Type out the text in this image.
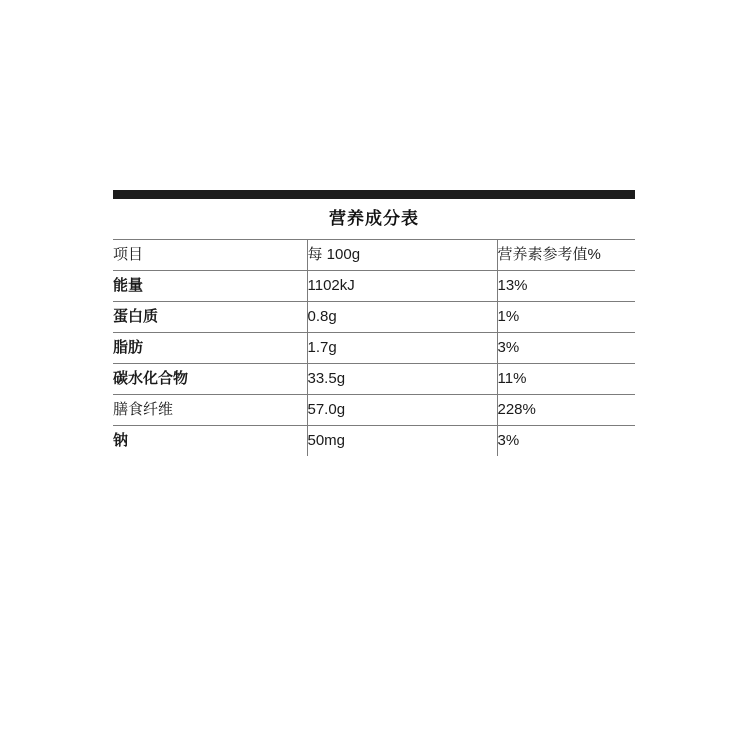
营养成分表		
项目	每 100g	营养素参考值%
能量	1102kJ	13%
蛋白质	0.8g	1%
脂肪	1.7g	3%
碳水化合物	33.5g	11%
膳食纤维	57.0g	228%
钠	50mg	3%
